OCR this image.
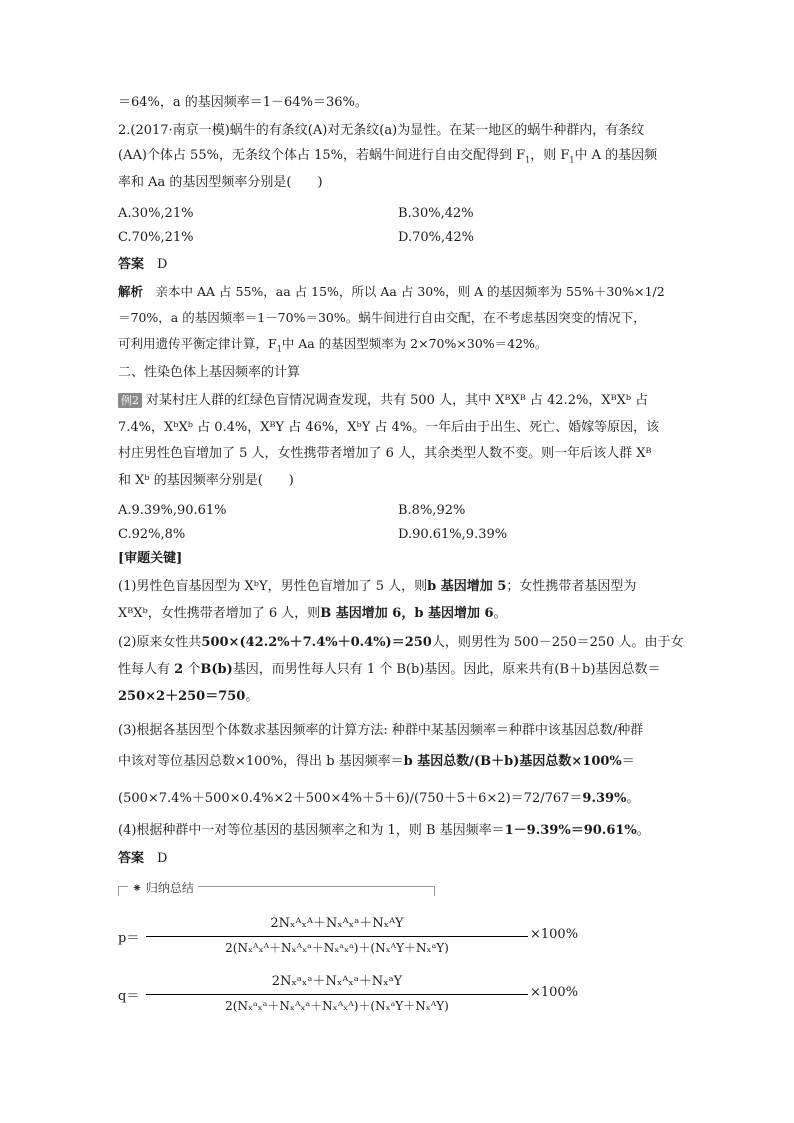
＝64%，a 的基因频率＝1－64%＝36%。
2.(2017·南京一模)蜗牛的有条纹(A)对无条纹(a)为显性。在某一地区的蜗牛种群内，有条纹
(AA)个体占 55%，无条纹个体占 15%，若蜗牛间进行自由交配得到 $F_1$，则 $F_1$中 A 的基因频
率和 Aa 的基因型频率分别是(　　)
A.30%,21%	B.30%,42%
C.70%,21%	D.70%,42%
答案　 D
解析　 亲本中 AA 占 55%，aa 占 15%，所以 Aa 占 30%，则 A 的基因频率为 55%＋30%×1/2
＝70%，a 的基因频率＝1－70%＝30%。蜗牛间进行自由交配，在不考虑基因突变的情况下，
可利用遗传平衡定律计算，$F_1$中 Aa 的基因型频率为 2×70%×30%＝42%。
二、性染色体上基因频率的计算
例2 对某村庄人群的红绿色盲情况调查发现，共有 500 人，其中 XᴮXᴮ 占 42.2%，XᴮXᵇ 占
7.4%，XᵇXᵇ 占 0.4%，XᴮY 占 46%，XᵇY 占 4%。一年后由于出生、死亡、婚嫁等原因，该
村庄男性色盲增加了 5 人，女性携带者增加了 6 人，其余类型人数不变。则一年后该人群 Xᴮ
和 Xᵇ 的基因频率分别是(　　)
A.9.39%,90.61%	B.8%,92%
C.92%,8%	D.90.61%,9.39%
[审题关键]
(1)男性色盲基因型为 XᵇY，男性色盲增加了 5 人，则b 基因增加 5；女性携带者基因型为
XᴮXᵇ，女性携带者增加了 6 人，则B 基因增加 6，b 基因增加 6。
(2)原来女性共500×(42.2%＋7.4%＋0.4%)＝250人，则男性为 500－250＝250 人。由于女
性每人有 2 个B(b)基因，而男性每人只有 1 个 B(b)基因。因此，原来共有(B＋b)基因总数＝
250×2＋250＝750。
(3)根据各基因型个体数求基因频率的计算方法: 种群中某基因频率＝种群中该基因总数/种群
中该对等位基因总数×100%，得出 b 基因频率＝b 基因总数/(B＋b)基因总数×100%＝
(500×7.4%＋500×0.4%×2＋500×4%＋5＋6)/(750＋5＋6×2)＝72/767＝9.39%。
(4)根据种群中一对等位基因的基因频率之和为 1，则 B 基因频率＝1－9.39%＝90.61%。
答案　 D
⁕ 归纳总结
p＝
2Nₓᴬₓᴬ＋Nₓᴬₓᵃ＋NₓᴬY
2(Nₓᴬₓᴬ＋Nₓᴬₓᵃ＋Nₓᵃₓᵃ)＋(NₓᴬY＋NₓᵃY)
×100%
q＝
2Nₓᵃₓᵃ＋Nₓᴬₓᵃ＋NₓᵃY
2(Nₓᵃₓᵃ＋Nₓᴬₓᵃ＋Nₓᴬₓᴬ)＋(NₓᵃY＋NₓᴬY)
×100%
